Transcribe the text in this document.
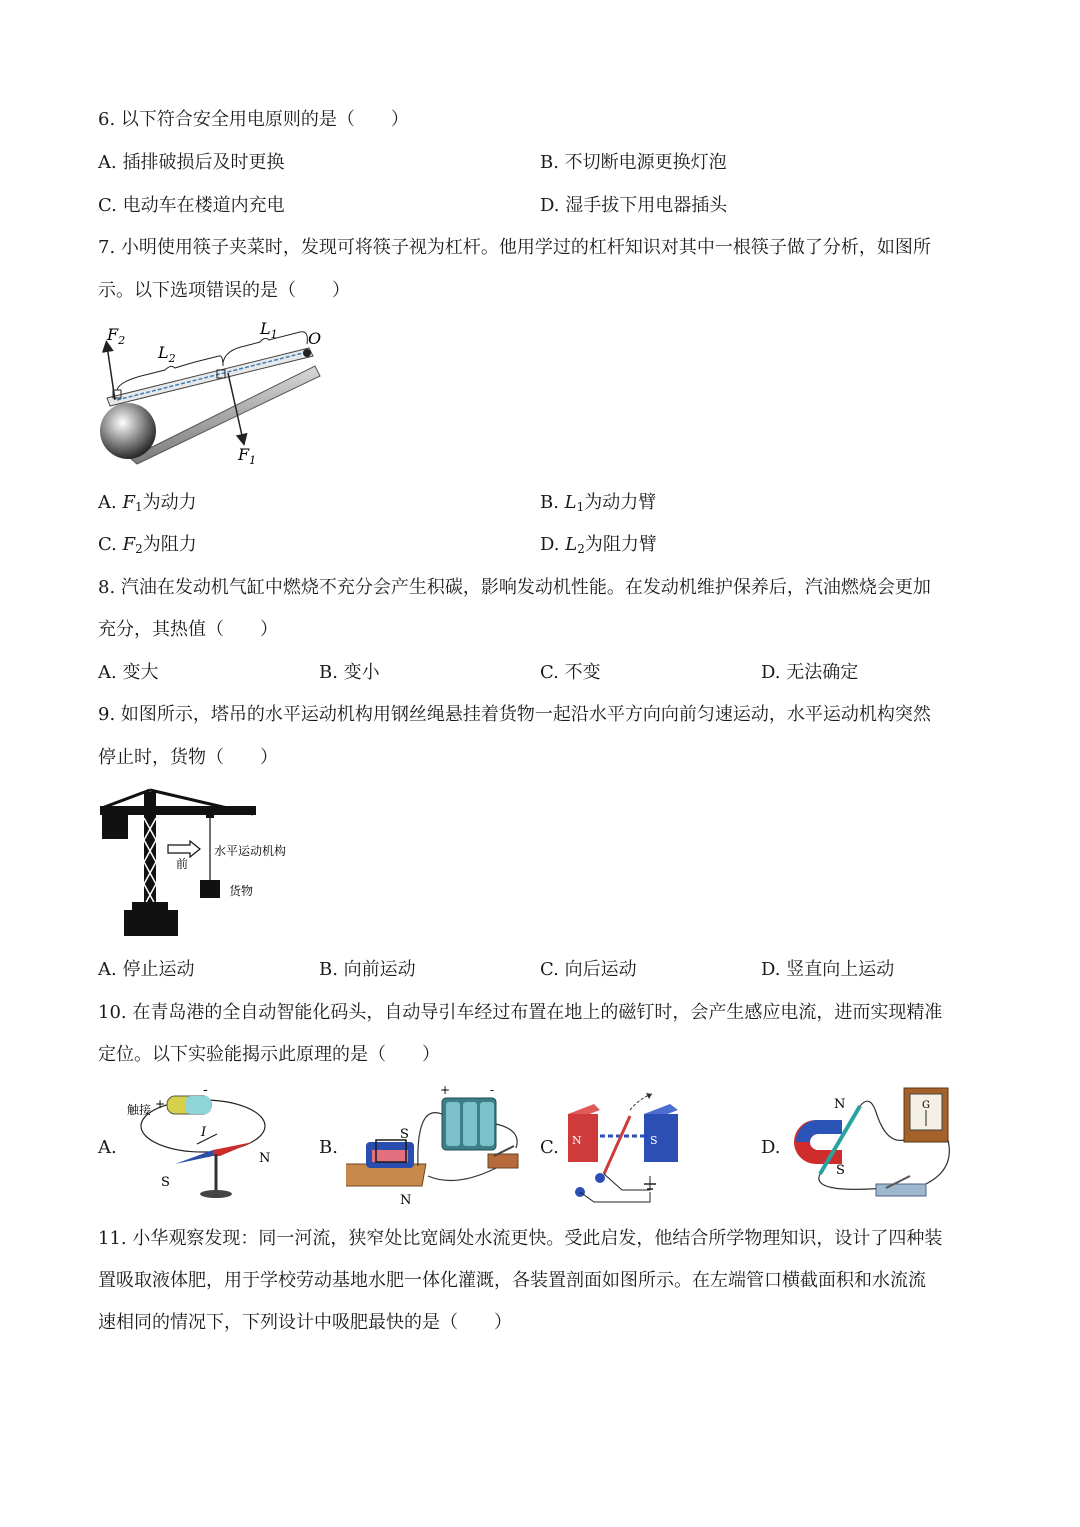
6. 以下符合安全用电原则的是（　　）
A. 插排破损后及时更换	B. 不切断电源更换灯泡
C. 电动车在楼道内充电	D. 湿手拔下用电器插头
7. 小明使用筷子夹菜时，发现可将筷子视为杠杆。他用学过的杠杆知识对其中一根筷子做了分析，如图所
示。以下选项错误的是（　　）
$F_2$
$L_2$
$L_1$ O
$F_1$
A. $F_1$为动力	B. $L_1$为动力臂
C. $F_2$为阻力	D. $L_2$为阻力臂
8. 汽油在发动机气缸中燃烧不充分会产生积碳，影响发动机性能。在发动机维护保养后，汽油燃烧会更加
充分，其热值（　　）
A. 变大	B. 变小	C. 不变	D. 无法确定
9. 如图所示，塔吊的水平运动机构用钢丝绳悬挂着货物一起沿水平方向向前匀速运动，水平运动机构突然
停止时，货物（　　）
前
水平运动机构
货物
A. 停止运动	B. 向前运动	C. 向后运动	D. 竖直向上运动
10. 在青岛港的全自动智能化码头，自动导引车经过布置在地上的磁钉时，会产生感应电流，进而实现精准
定位。以下实验能揭示此原理的是（　　）
A.	B.	C.	D.
触接 +
-
I
S
N
S
N
+	-
N	S
N
S
G
11. 小华观察发现：同一河流，狭窄处比宽阔处水流更快。受此启发，他结合所学物理知识，设计了四种装
置吸取液体肥，用于学校劳动基地水肥一体化灌溉，各装置剖面如图所示。在左端管口横截面积和水流流
速相同的情况下，下列设计中吸肥最快的是（　　）
